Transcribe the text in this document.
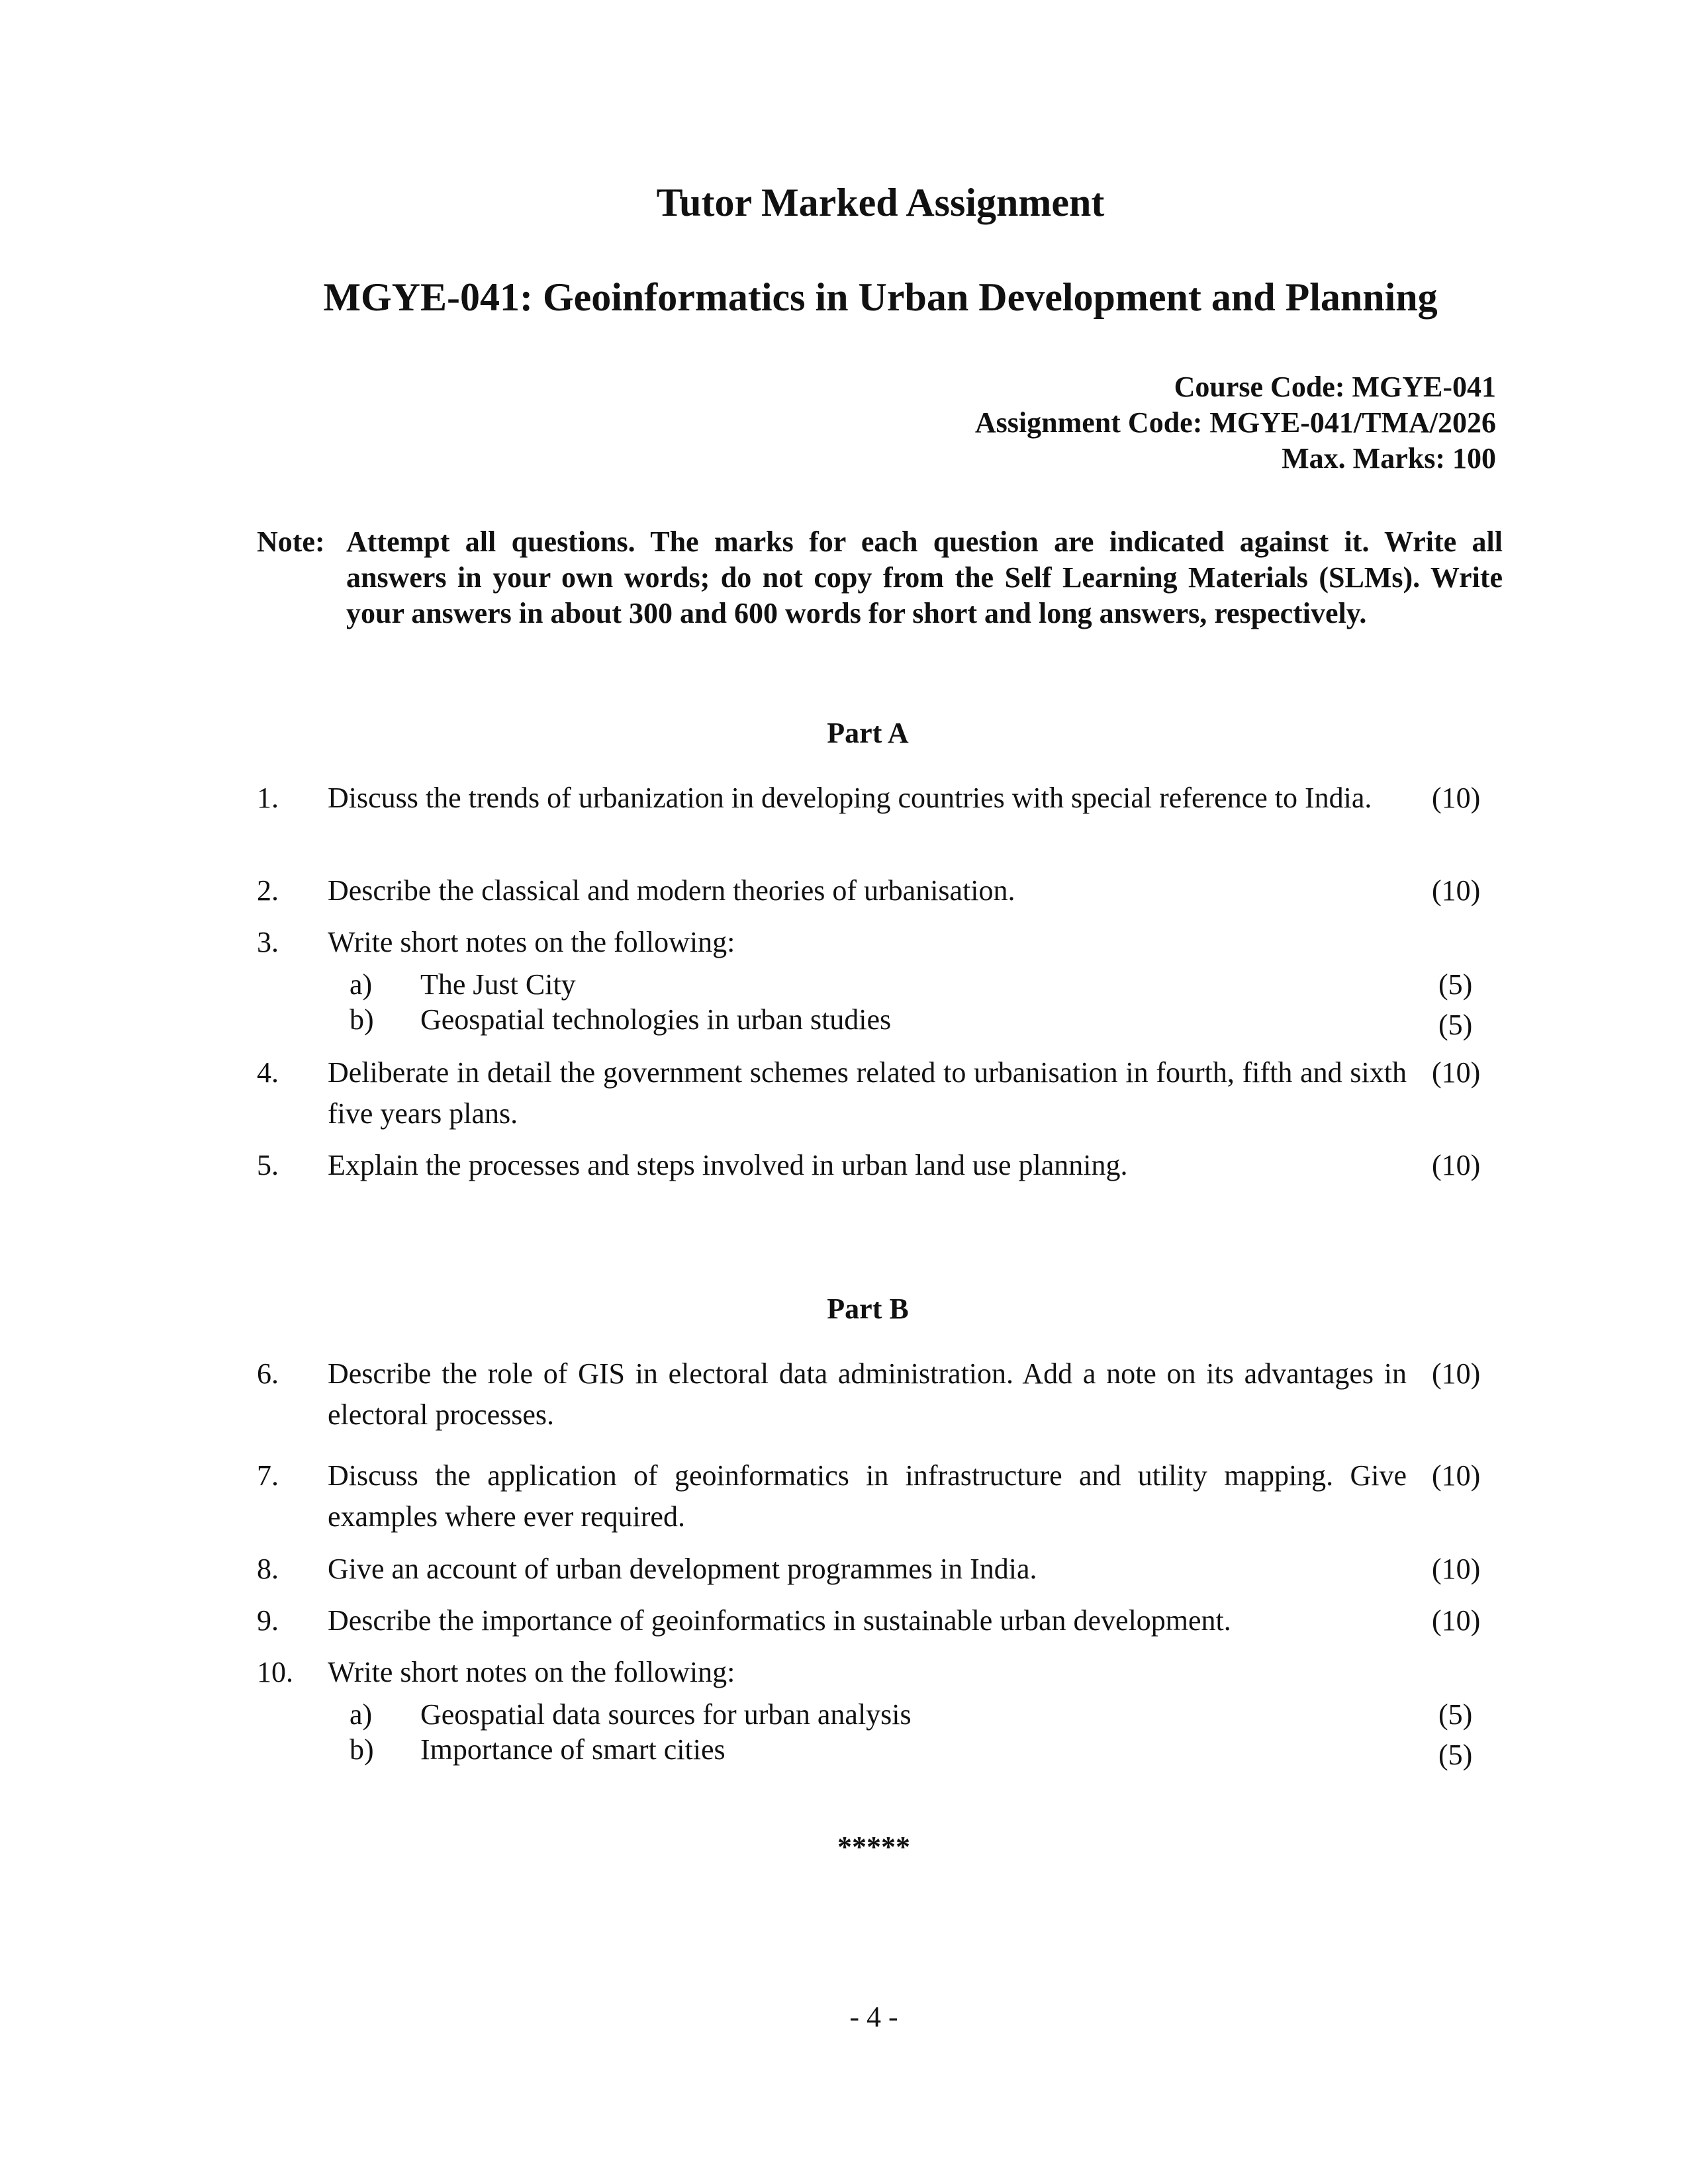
Tutor Marked Assignment
MGYE-041: Geoinformatics in Urban Development and Planning
Course Code: MGYE-041
Assignment Code: MGYE-041/TMA/2026
Max. Marks: 100
Note: Attempt all questions. The marks for each question are indicated against it. Write all answers in your own words; do not copy from the Self Learning Materials (SLMs). Write your answers in about 300 and 600 words for short and long answers, respectively.
Part A
1. Discuss the trends of urbanization in developing countries with special reference to India.	(10)
2. Describe the classical and modern theories of urbanisation.	(10)
3. Write short notes on the following:
a) The Just City	(5)
b) Geospatial technologies in urban studies	(5)
4. Deliberate in detail the government schemes related to urbanisation in fourth, fifth and sixth five years plans.
(10)
5. Explain the processes and steps involved in urban land use planning.	(10)
Part B
6. Describe the role of GIS in electoral data administration. Add a note on its advantages in electoral processes.
(10)
7. Discuss the application of geoinformatics in infrastructure and utility mapping. Give examples where ever required.
(10)
8. Give an account of urban development programmes in India.	(10)
9. Describe the importance of geoinformatics in sustainable urban development.	(10)
10. Write short notes on the following:
a) Geospatial data sources for urban analysis	(5)
b) Importance of smart cities	(5)
*****
- 4 -
